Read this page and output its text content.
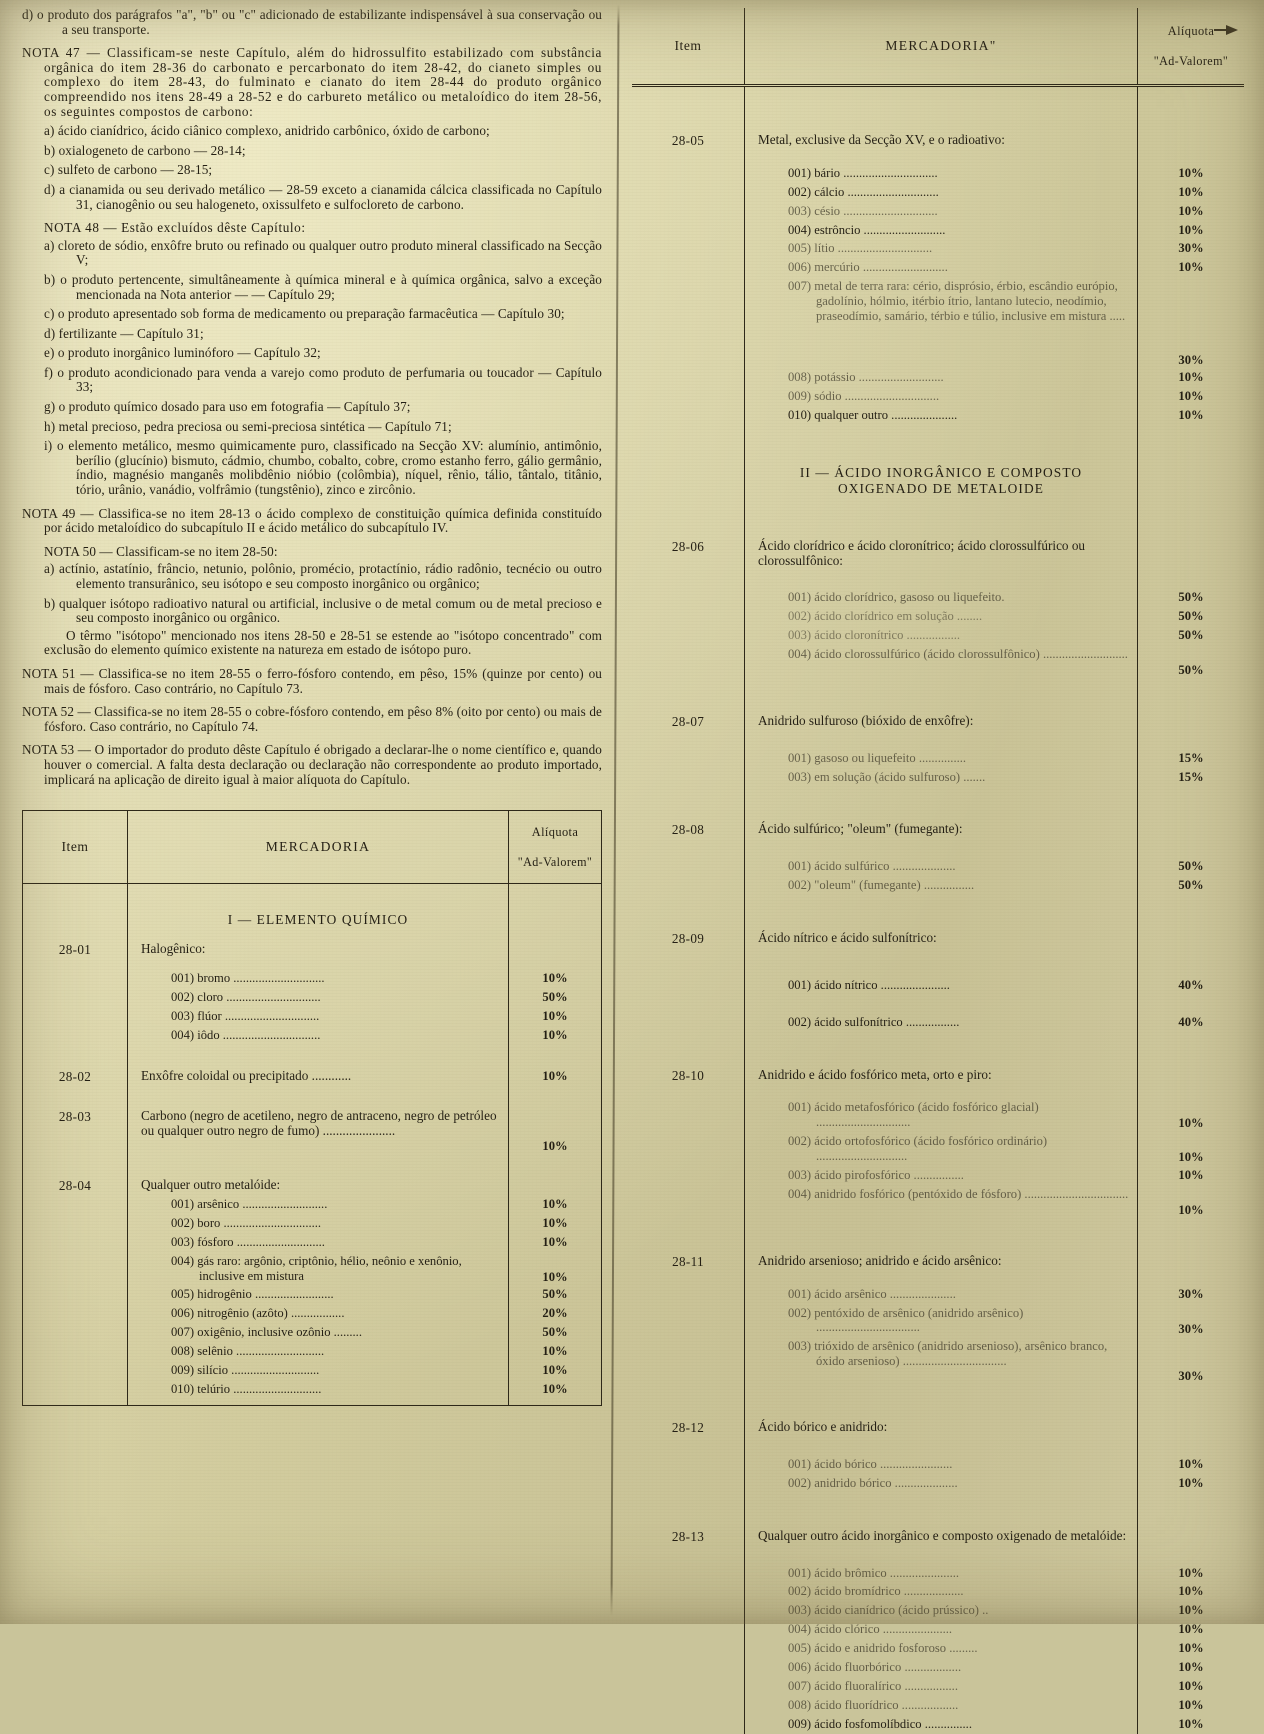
d) o produto dos parágrafos "a", "b" ou "c" adicionado de estabilizante indispensável à sua conservação ou a seu transporte.
NOTA 47 — Classificam-se neste Capítulo, além do hidrossulfito estabilizado com substância orgânica do item 28-36 do carbonato e percarbonato do item 28-42, do cianeto simples ou complexo do item 28-43, do fulminato e cianato do item 28-44 do produto orgânico compreendido nos itens 28-49 a 28-52 e do carbureto metálico ou metaloídico do item 28-56, os seguintes compostos de carbono:
a) ácido cianídrico, ácido ciânico complexo, anidrido carbônico, óxido de carbono;
b) oxialogeneto de carbono — 28-14;
c) sulfeto de carbono — 28-15;
d) a cianamida ou seu derivado metálico — 28-59 exceto a cianamida cálcica classificada no Capítulo 31, cianogênio ou seu halogeneto, oxissulfeto e sulfocloreto de carbono.
NOTA 48 — Estão excluídos dêste Capítulo:
a) cloreto de sódio, enxôfre bruto ou refinado ou qualquer outro produto mineral classificado na Secção V;
b) o produto pertencente, simultâneamente à química mineral e à química orgânica, salvo a exceção mencionada na Nota anterior — — Capítulo 29;
c) o produto apresentado sob forma de medicamento ou preparação farmacêutica — Capítulo 30;
d) fertilizante — Capítulo 31;
e) o produto inorgânico luminóforo — Capítulo 32;
f) o produto acondicionado para venda a varejo como produto de perfumaria ou toucador — Capítulo 33;
g) o produto químico dosado para uso em fotografia — Capítulo 37;
h) metal precioso, pedra preciosa ou semi-preciosa sintética — Capítulo 71;
i) o elemento metálico, mesmo quimicamente puro, classificado na Secção XV: alumínio, antimônio, berílio (glucínio) bismuto, cádmio, chumbo, cobalto, cobre, cromo estanho ferro, gálio germânio, índio, magnésio manganês molibdênio nióbio (colômbia), níquel, rênio, tálio, tântalo, titânio, tório, urânio, vanádio, volfrâmio (tungstênio), zinco e zircônio.
NOTA 49 — Classifica-se no item 28-13 o ácido complexo de constituição química definida constituído por ácido metaloídico do subcapítulo II e ácido metálico do subcapítulo IV.
NOTA 50 — Classificam-se no item 28-50:
a) actínio, astatínio, frâncio, netunio, polônio, promécio, protactínio, rádio radônio, tecnécio ou outro elemento transurânico, seu isótopo e seu composto inorgânico ou orgânico;
b) qualquer isótopo radioativo natural ou artificial, inclusive o de metal comum ou de metal precioso e seu composto inorgânico ou orgânico.
O têrmo "isótopo" mencionado nos itens 28-50 e 28-51 se estende ao "isótopo concentrado" com exclusão do elemento químico existente na natureza em estado de isótopo puro.
NOTA 51 — Classifica-se no item 28-55 o ferro-fósforo contendo, em pêso, 15% (quinze por cento) ou mais de fósforo. Caso contrário, no Capítulo 73.
NOTA 52 — Classifica-se no item 28-55 o cobre-fósforo contendo, em pêso 8% (oito por cento) ou mais de fósforo. Caso contrário, no Capítulo 74.
NOTA 53 — O importador do produto dêste Capítulo é obrigado a declarar-lhe o nome científico e, quando houver o comercial. A falta desta declaração ou declaração não correspondente ao produto importado, implicará na aplicação de direito igual à maior alíquota do Capítulo.
Item	MERCADORIA
Alíquota
"Ad-Valorem"
I — ELEMENTO QUÍMICO
28-01	Halogênico:
001) bromo .............................	10%
002) cloro ..............................	50%
003) flúor ..............................	10%
004) iôdo ...............................	10%
28-02	Enxôfre coloidal ou precipitado ............	10%
28-03	Carbono (negro de acetileno, negro de antraceno, negro de petróleo ou qualquer outro negro de fumo) ......................
10%
28-04	Qualquer outro metalóide:
001) arsênico ...........................	10%
002) boro ...............................	10%
003) fósforo ............................	10%
004) gás raro: argônio, criptônio, hélio, neônio e xenônio, inclusive em mistura	10%
005) hidrogênio .........................	50%
006) nitrogênio (azôto) .................	20%
007) oxigênio, inclusive ozônio .........	50%
008) selênio ............................	10%
009) silício ............................	10%
010) telúrio ............................	10%
Item	MERCADORIA"
Alíquota
"Ad-Valorem"
28-05	Metal, exclusive da Secção XV, e o radioativo:
001) bário ..............................	10%
002) cálcio .............................	10%
003) césio ..............................	10%
004) estrôncio ..........................	10%
005) lítio ..............................	30%
006) mercúrio ...........................	10%
007) metal de terra rara: cério, disprósio, érbio, escândio európio, gadolínio, hólmio, itérbio ítrio, lantano lutecio, neodímio, praseodímio, samário, térbio e túlio, inclusive em mistura .....
30%
008) potássio ...........................	10%
009) sódio ..............................	10%
010) qualquer outro .....................	10%
II — ÁCIDO INORGÂNICO E COMPOSTO OXIGENADO DE METALOIDE
28-06	Ácido clorídrico e ácido cloronítrico; ácido clorossulfúrico ou clorossulfônico:
001) ácido clorídrico, gasoso ou liquefeito.	50%
002) ácido clorídrico em solução ........	50%
003) ácido cloronítrico .................	50%
004) ácido clorossulfúrico (ácido clorossulfônico) ...........................
50%
28-07	Anidrido sulfuroso (bióxido de enxôfre):
001) gasoso ou liquefeito ...............	15%
003) em solução (ácido sulfuroso) .......	15%
28-08	Ácido sulfúrico; "oleum" (fumegante):
001) ácido sulfúrico ....................	50%
002) "oleum" (fumegante) ................	50%
28-09	Ácido nítrico e ácido sulfonítrico:
001) ácido nítrico ......................	40%
002) ácido sulfonítrico .................	40%
28-10	Anidrido e ácido fosfórico meta, orto e piro:
001) ácido metafosfórico (ácido fosfórico glacial) ..............................	10%
002) ácido ortofosfórico (ácido fosfórico ordinário) .............................	10%
003) ácido pirofosfórico ................	10%
004) anidrido fosfórico (pentóxido de fósforo) .................................
10%
28-11	Anidrido arsenioso; anidrido e ácido arsênico:
001) ácido arsênico .....................	30%
002) pentóxido de arsênico (anidrido arsênico) .................................	30%
003) trióxido de arsênico (anidrido arsenioso), arsênico branco, óxido arsenioso) .................................
30%
28-12	Ácido bórico e anidrido:
001) ácido bórico .......................	10%
002) anidrido bórico ....................	10%
28-13	Qualquer outro ácido inorgânico e composto oxigenado de metalóide:
001) ácido brômico ......................	10%
002) ácido bromídrico ...................	10%
003) ácido cianídrico (ácido prússico) ..	10%
004) ácido clórico ......................	10%
005) ácido e anidrido fosforoso .........	10%
006) ácido fluorbórico ..................	10%
007) ácido fluoralírico .................	10%
008) ácido fluorídrico ..................	10%
009) ácido fosfomolíbdico ...............	10%
